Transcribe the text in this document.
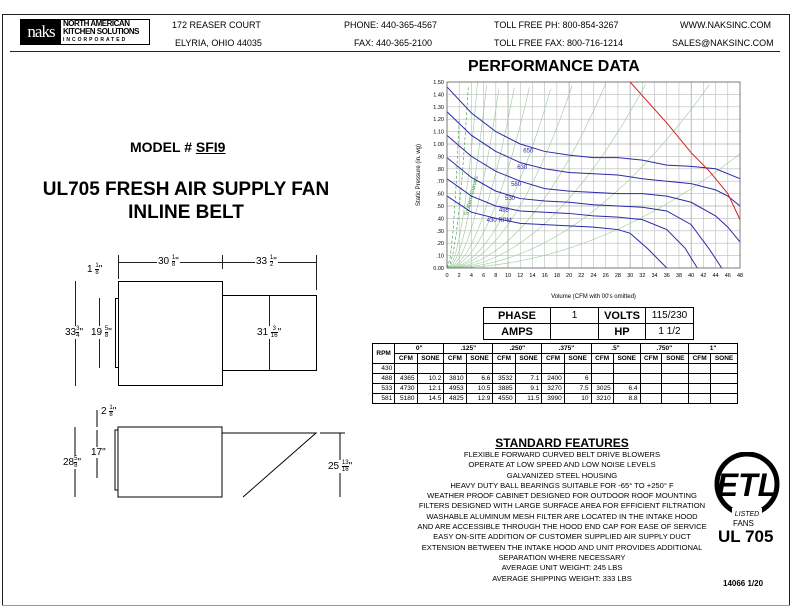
naks	NORTH AMERICAN
KITCHEN SOLUTIONS
INCORPORATED
172 REASER COURT
ELYRIA, OHIO 44035
PHONE: 440-365-4567
FAX: 440-365-2100
TOLL FREE PH: 800-854-3267
TOLL FREE FAX: 800-716-1214
WWW.NAKSINC.COM
SALES@NAKSINC.COM
MODEL # SFI9
UL705 FRESH AIR SUPPLY FAN
INLINE BELT
$30 \frac{1}{8}$ "	$33 \frac{1}{2}$ "
$1 \frac{1}{8}$ "
$33 \frac{3}{4}$ " $19 \frac{5}{8}$ "	$31 \frac{3}{16}$ "
$2 \frac{1}{8}$ "
17"
$28 \frac{5}{8}$ "	$25 \frac{13}{16}$ "
PERFORMANCE DATA
0 2 4 6 8 10 12 14 16 18 20 22 24 26 28 30 32 34 36 38 40 42 44 46 48
0.00
.10
.20
.30
.40
.50
.60
.70
.80
.90
1.00
1.10
1.20
1.30
1.40
1.50
System Curves
650
630
580
530
485
430 RPM
Volume (CFM with 00's omitted)
Static Pressure (in. wg)
PHASE	1	VOLTS	115/230
AMPS		HP	1 1/2
RPM	0"		.125"		.250"		.375"		.5"		.750"		1"	
	CFM	SONE	CFM	SONE	CFM	SONE	CFM	SONE	CFM	SONE	CFM	SONE	CFM	SONE
430														
488	4365	10.2	3810	6.6	3532	7.1	2400	6						
533	4730	12.1	4953	10.5	3885	9.1	3270	7.5	3025	6.4				
581	5180	14.5	4825	12.9	4550	11.5	3990	10	3210	8.8				
STANDARD FEATURES
FLEXIBLE FORWARD CURVED BELT DRIVE BLOWERS
OPERATE AT LOW SPEED AND LOW NOISE LEVELS
GALVANIZED STEEL HOUSING
HEAVY DUTY BALL BEARINGS SUITABLE FOR -65° TO +250° F
WEATHER PROOF CABINET DESIGNED FOR OUTDOOR ROOF MOUNTING
FILTERS DESIGNED WITH LARGE SURFACE AREA FOR EFFICIENT FILTRATION
WASHABLE ALUMINUM MESH FILTER ARE LOCATED IN THE INTAKE HOOD
AND ARE ACCESSIBLE THROUGH THE HOOD END CAP FOR EASE OF SERVICE
EASY ON-SITE ADDITION OF CUSTOMER SUPPLIED AIR SUPPLY DUCT
EXTENSION BETWEEN THE INTAKE HOOD AND UNIT PROVIDES ADDITIONAL
SEPARATION WHERE NECESSARY
AVERAGE UNIT WEIGHT: 245 LBS
AVERAGE SHIPPING WEIGHT: 333 LBS
ETL
LISTED
FANS
UL 705
14066 1/20
